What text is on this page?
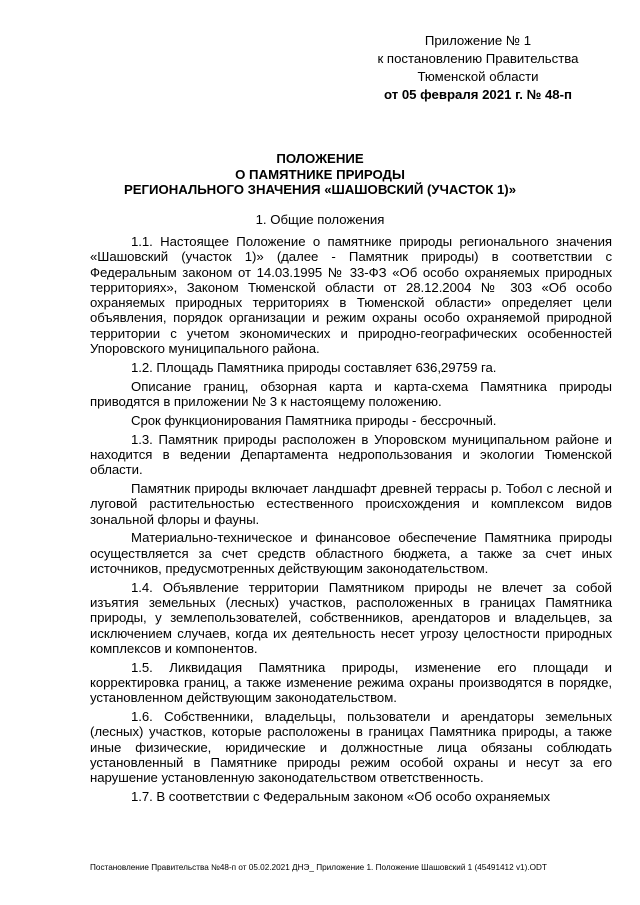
Приложение № 1
к постановлению Правительства
Тюменской области
от 05 февраля 2021 г. № 48-п
ПОЛОЖЕНИЕ
О ПАМЯТНИКЕ ПРИРОДЫ
РЕГИОНАЛЬНОГО ЗНАЧЕНИЯ «ШАШОВСКИЙ (УЧАСТОК 1)»
1. Общие положения

1.1. Настоящее Положение о памятнике природы регионального значения «Шашовский (участок 1)» (далее - Памятник природы) в соответствии с Федеральным законом от 14.03.1995 № 33-ФЗ «Об особо охраняемых природных территориях», Законом Тюменской области от 28.12.2004 № 303 «Об особо охраняемых природных территориях в Тюменской области» определяет цели объявления, порядок организации и режим охраны особо охраняемой природной территории с учетом экономических и природно-географических особенностей Упоровского муниципального района.

1.2. Площадь Памятника природы составляет 636,29759 га.

Описание границ, обзорная карта и карта-схема Памятника природы приводятся в приложении № 3 к настоящему положению.

Срок функционирования Памятника природы - бессрочный.

1.3. Памятник природы расположен в Упоровском муниципальном районе и находится в ведении Департамента недропользования и экологии Тюменской области.

Памятник природы включает ландшафт древней террасы р. Тобол с лесной и луговой растительностью естественного происхождения и комплексом видов зональной флоры и фауны.

Материально-техническое и финансовое обеспечение Памятника природы осуществляется за счет средств областного бюджета, а также за счет иных источников, предусмотренных действующим законодательством.

1.4. Объявление территории Памятником природы не влечет за собой изъятия земельных (лесных) участков, расположенных в границах Памятника природы, у землепользователей, собственников, арендаторов и владельцев, за исключением случаев, когда их деятельность несет угрозу целостности природных комплексов и компонентов.

1.5. Ликвидация Памятника природы, изменение его площади и корректировка границ, а также изменение режима охраны производятся в порядке, установленном действующим законодательством.

1.6. Собственники, владельцы, пользователи и арендаторы земельных (лесных) участков, которые расположены в границах Памятника природы, а также иные физические, юридические и должностные лица обязаны соблюдать установленный в Памятнике природы режим особой охраны и несут за его нарушение установленную законодательством ответственность.

1.7. В соответствии с Федеральным законом «Об особо охраняемых

Постановление Правительства №48-п от 05.02.2021 ДНЭ_ Приложение 1. Положение Шашовский 1 (45491412 v1).ODT
